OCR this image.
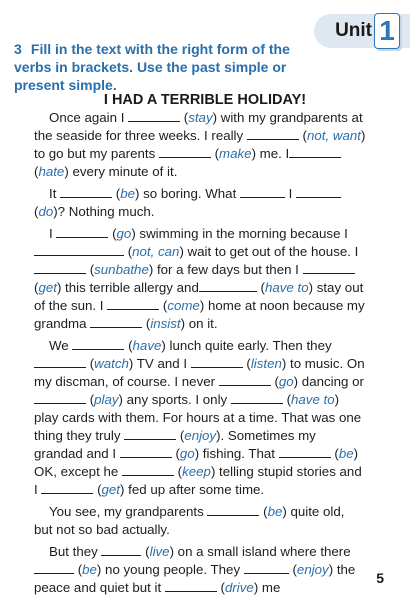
Unit 1
3 Fill in the text with the right form of the verbs in brackets. Use the past simple or present simple.
I HAD A TERRIBLE HOLIDAY!

Once again I	(stay) with my grandparents at the seaside for three weeks. I really	(not, want) to go but my parents	(make) me. I (hate) every minute of it.

It	(be) so boring. What	I  (do)? Nothing much.

I	(go) swimming in the morning because I  (not, can) wait to get out of the house. I  (sunbathe) for a few days but then I  (get) this terrible allergy and	(have to) stay out of the sun. I	(come) home at noon because my grandma	(insist) on it.

We	(have) lunch quite early. Then they  (watch) TV and I	(listen) to music. On my discman, of course. I never	(go) dancing or  (play) any sports. I only	(have to) play cards with them. For hours at a time. That was one thing they truly	(enjoy). Sometimes my grandad and I	(go) fishing. That	(be) OK, except he	(keep) telling stupid stories and I	(get) fed up after some time.

You see, my grandparents	(be) quite old, but not so bad actually.

But they	(live) on a small island where there  (be) no young people. They	(enjoy) the peace and quiet but it	(drive) me

5
